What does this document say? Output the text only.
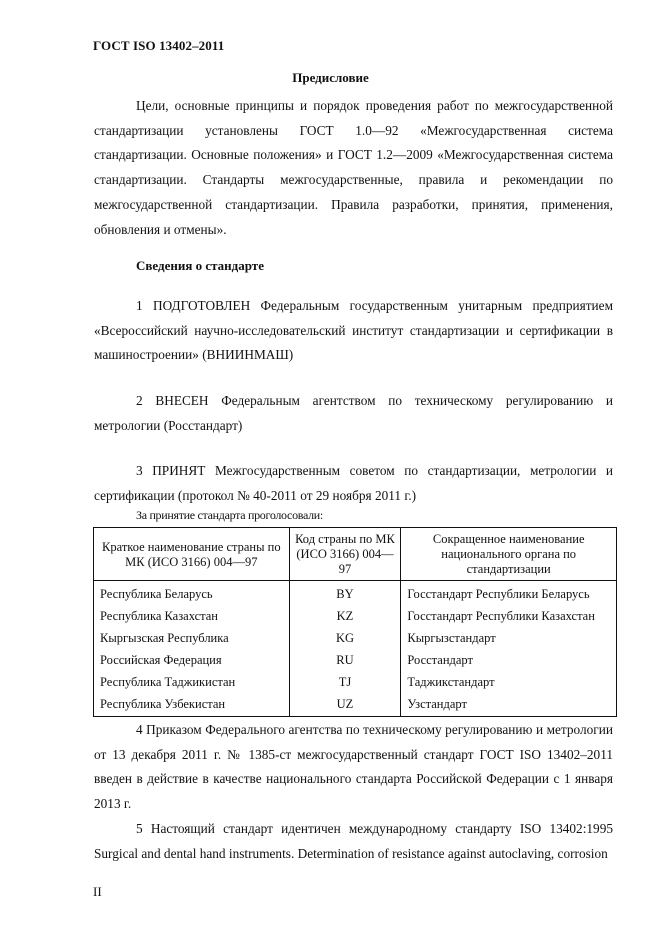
ГОСТ ISO 13402–2011
Предисловие

Цели, основные принципы и порядок проведения работ по межгосударственной стандартизации установлены ГОСТ 1.0—92 «Межгосударственная система стандартизации. Основные положения» и ГОСТ 1.2—2009 «Межгосударственная система стандартизации. Стандарты межгосударственные, правила и рекомендации по межгосударственной стандартизации. Правила разработки, принятия, применения, обновления и отмены».

Сведения о стандарте

1 ПОДГОТОВЛЕН Федеральным государственным унитарным предприятием «Всероссийский научно-исследовательский институт стандартизации и сертификации в машиностроении» (ВНИИНМАШ)

2 ВНЕСЕН Федеральным агентством по техническому регулированию и метрологии (Росстандарт)

3 ПРИНЯТ Межгосударственным советом по стандартизации, метрологии и сертификации (протокол № 40-2011 от 29 ноября 2011 г.)

За принятие стандарта проголосовали:
Краткое наименование страны по МК (ИСО 3166) 004—97	Код страны по МК (ИСО 3166) 004—97	Сокращенное наименование национального органа по стандартизации
Республика Беларусь	BY	Госстандарт Республики Беларусь
Республика Казахстан	KZ	Госстандарт Республики Казахстан
Кыргызская Республика	KG	Кыргызстандарт
Российская Федерация	RU	Росстандарт
Республика Таджикистан	TJ	Таджикстандарт
Республика Узбекистан	UZ	Узстандарт

4 Приказом Федерального агентства по техническому регулированию и метрологии от 13 декабря 2011 г. № 1385-ст межгосударственный стандарт ГОСТ ISO 13402–2011 введен в действие в качестве национального стандарта Российской Федерации с 1 января 2013 г.

5 Настоящий стандарт идентичен международному стандарту ISO 13402:1995 Surgical and dental hand instruments. Determination of resistance against autoclaving, corrosion

II
